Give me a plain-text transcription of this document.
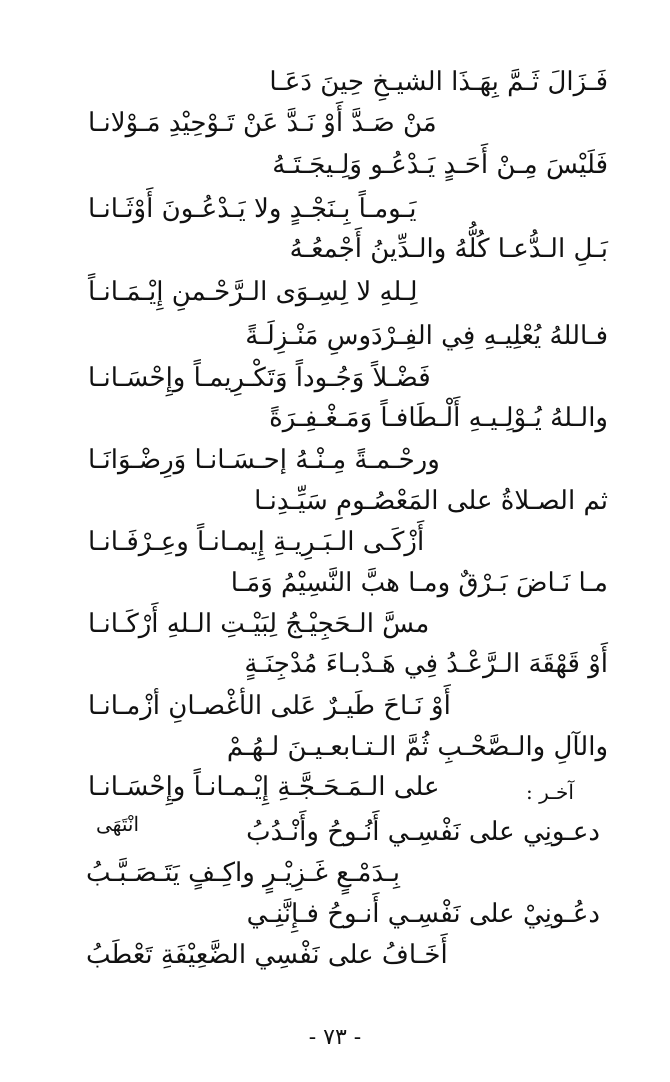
فَـزَالَ ثَـمَّ بِهَـذَا الشيـخِ حِينَ دَعَـا
مَنْ صَـدَّ أَوْ نَـدَّ عَنْ تَـوْحِيْدِ مَـوْلانـا
فَلَيْسَ مِـنْ أَحَـدٍ يَـدْعُـو وَلِـيجَـتَـهُ
يَـومـاً بِـنَجْـدٍ ولا يَـدْعُـونَ أَوْثَـانـا
بَـلِ الـدُّعـا كُلُّهُ والـدِّينُ أَجْمعُـهُ
لِـلهِ لا لِسِـوَى الـرَّحْـمنِ إِيْـمَـانـاً
فـاللهُ يُعْلِيـهِ فِي الفِـرْدَوسِ مَنْـزِلَـةً
فَضْـلاً وَجُـوداً وَتَكْـرِيمـاً وإِحْسَـانـا
والـلهُ يُـوْلِـيـهِ أَلْـطَافـاً وَمَـغْـفِـرَةً
ورحْـمـةً مِـنْـهُ إحـسَـانـا وَرِضْـوَانَـا
ثم الصـلاةُ على المَعْصُـومِ سَيِّـدِنـا
أَزْكَـى الـبَـرِيـةِ إِيمـانـاً وعِـرْفَـانـا
مـا نَـاضَ بَـرْقٌ ومـا هبَّ النَّسِيْمُ وَمَـا
مسَّ الـحَجِيْـجُ لِبَيْـتِ الـلهِ أَرْكَـانـا
أَوْ قَهْقَهَ الـرَّعْـدُ فِي هَـدْبـاءَ مُدْجِنَـةٍ
أَوْ نَـاحَ طَيـرٌ عَلى الأغْصـانِ أزْمـانـا
والآلِ والـصَّحْـبِ ثُمَّ الـتـابعـيـنَ لـهُـمْ
على الـمَـحَـجَّـةِ إِيْـمـانـاً وإِحْسَـانـا	آخـر :
انْتَهَى	دعـونِي على نَفْسِـي أَنُـوحُ وأَنْـدُبُ
بِـدَمْـعٍ غَـزِيْـرٍ واكِـفٍ يَتَـصَـبَّـبُ
دعُـونِيْ على نَفْسِـي أَنـوحُ فـإِنَّنِـي
أَخَـافُ على نَفْسِي الضَّعِيْفَةِ تَعْطَبُ
- ٧٣ -
